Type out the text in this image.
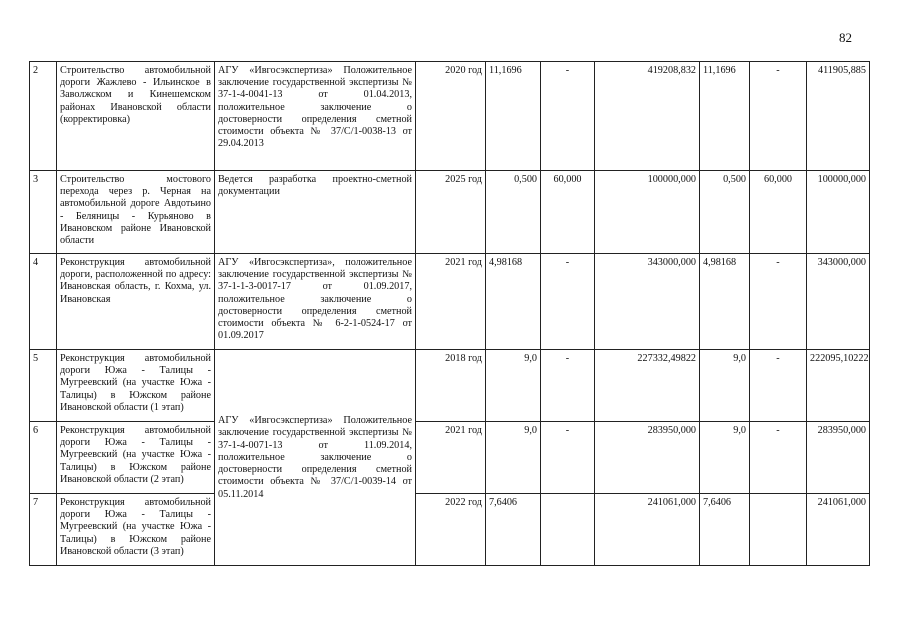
82
2	Строительство автомобильной дороги Жажлево - Ильинское в Заволжском и Кинешемском районах Ивановской области (корректировка)	АГУ «Ивгосэкспертиза» Положительное заключение государственной экспертизы № 37-1-4-0041-13 от 01.04.2013, положительное заключение о достоверности определения сметной стоимости объекта № 37/С/1-0038-13 от 29.04.2013	2020 год	11,1696	-	419208,832	11,1696	-	411905,885
3	Строительство мостового перехода через р. Черная на автомобильной дороге Авдотьино - Беляницы - Курьяново в Ивановском районе Ивановской области	Ведется разработка проектно-сметной документации	2025 год	0,500	60,000	100000,000	0,500	60,000	100000,000
4	Реконструкция автомобильной дороги, расположенной по адресу: Ивановская область, г. Кохма, ул. Ивановская	АГУ «Ивгосэкспертиза», положительное заключение государственной экспертизы № 37-1-1-3-0017-17 от 01.09.2017, положительное заключение о достоверности определения сметной стоимости объекта № 6-2-1-0524-17 от 01.09.2017	2021 год	4,98168	-	343000,000	4,98168	-	343000,000
5	Реконструкция автомобильной дороги Южа - Талицы - Мугреевский (на участке Южа - Талицы) в Южском районе Ивановской области (1 этап)	АГУ «Ивгосэкспертиза» Положительное заключение государственной экспертизы № 37-1-4-0071-13 от 11.09.2014, положительное заключение о достоверности определения сметной стоимости объекта № 37/С/1-0039-14 от 05.11.2014	2018 год	9,0	-	227332,49822	9,0	-	222095,10222
6	Реконструкция автомобильной дороги Южа - Талицы - Мугреевский (на участке Южа - Талицы) в Южском районе Ивановской области (2 этап)		2021 год	9,0	-	283950,000	9,0	-	283950,000
7	Реконструкция автомобильной дороги Южа - Талицы - Мугреевский (на участке Южа - Талицы) в Южском районе Ивановской области (3 этап)		2022 год	7,6406		241061,000	7,6406		241061,000
